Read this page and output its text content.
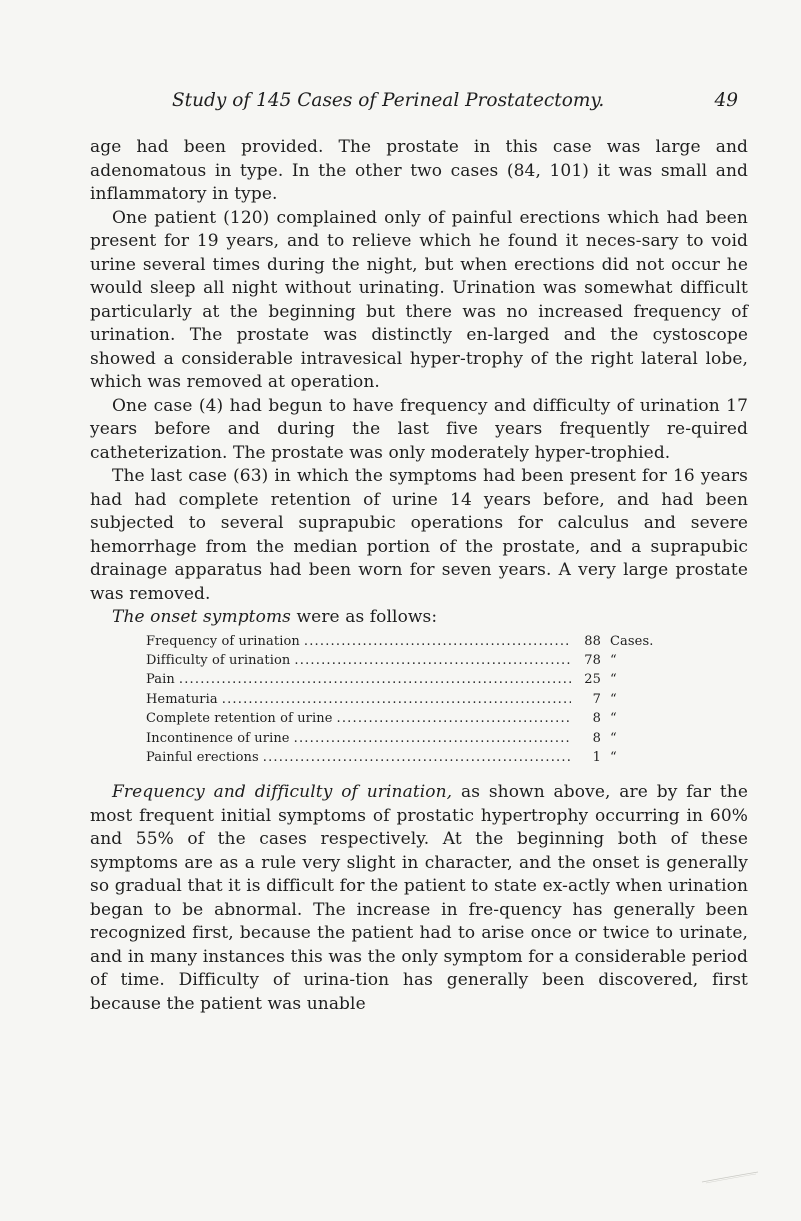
Study of 145 Cases of Perineal Prostatectomy.	49

age had been provided. The prostate in this case was large and adenomatous in type. In the other two cases (84, 101) it was small and inflammatory in type.

One patient (120) complained only of painful erections which had been present for 19 years, and to relieve which he found it neces-sary to void urine several times during the night, but when erections did not occur he would sleep all night without urinating. Urination was somewhat difficult particularly at the beginning but there was no increased frequency of urination. The prostate was distinctly en-larged and the cystoscope showed a considerable intravesical hyper-trophy of the right lateral lobe, which was removed at operation.

One case (4) had begun to have frequency and difficulty of urination 17 years before and during the last five years frequently re-quired catheterization. The prostate was only moderately hyper-trophied.

The last case (63) in which the symptoms had been present for 16 years had had complete retention of urine 14 years before, and had been subjected to several suprapubic operations for calculus and severe hemorrhage from the median portion of the prostate, and a suprapubic drainage apparatus had been worn for seven years. A very large prostate was removed.

The onset symptoms were as follows:

Frequency of urination .....	88 Cases.
Difficulty of urination .....	78 “
Pain .....	25 “
Hematuria .....	7 “
Complete retention of urine .....	8 “
Incontinence of urine .....	8 “
Painful erections .....	1 “

Frequency and difficulty of urination, as shown above, are by far the most frequent initial symptoms of prostatic hypertrophy occurring in 60% and 55% of the cases respectively. At the beginning both of these symptoms are as a rule very slight in character, and the onset is generally so gradual that it is difficult for the patient to state ex-actly when urination began to be abnormal. The increase in fre-quency has generally been recognized first, because the patient had to arise once or twice to urinate, and in many instances this was the only symptom for a considerable period of time. Difficulty of urina-tion has generally been discovered, first because the patient was unable
